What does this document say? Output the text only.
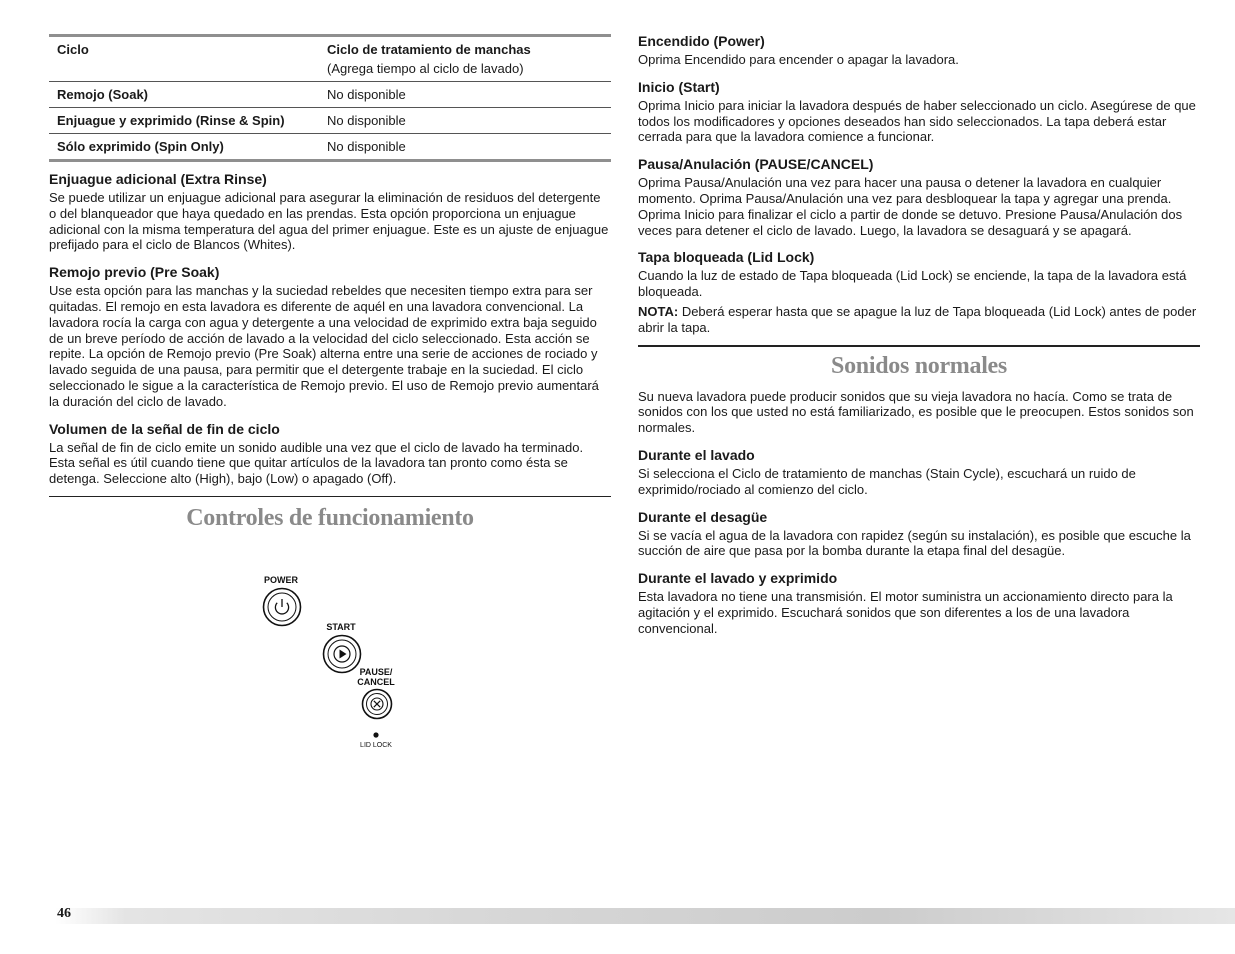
Ciclo	Ciclo de tratamiento de manchas
(Agrega tiempo al ciclo de lavado)

Remojo (Soak)	No disponible
Enjuague y exprimido (Rinse & Spin)	No disponible
Sólo exprimido (Spin Only)	No disponible
Enjuague adicional (Extra Rinse)

Se puede utilizar un enjuague adicional para asegurar la eliminación de residuos del detergente o del blanqueador que haya quedado en las prendas. Esta opción proporciona un enjuague adicional con la misma temperatura del agua del primer enjuague. Este es un ajuste de enjuague prefijado para el ciclo de Blancos (Whites).

Remojo previo (Pre Soak)

Use esta opción para las manchas y la suciedad rebeldes que necesiten tiempo extra para ser quitadas. El remojo en esta lavadora es diferente de aquél en una lavadora convencional. La lavadora rocía la carga con agua y detergente a una velocidad de exprimido extra baja seguido de un breve período de acción de lavado a la velocidad del ciclo seleccionado. Esta acción se repite. La opción de Remojo previo (Pre Soak) alterna entre una serie de acciones de rociado y lavado seguida de una pausa, para permitir que el detergente trabaje en la suciedad. El ciclo seleccionado le sigue a la característica de Remojo previo. El uso de Remojo previo aumentará la duración del ciclo de lavado.

Volumen de la señal de fin de ciclo

La señal de fin de ciclo emite un sonido audible una vez que el ciclo de lavado ha terminado. Esta señal es útil cuando tiene que quitar artículos de la lavadora tan pronto como ésta se detenga. Seleccione alto (High), bajo (Low) o apagado (Off).

Controles de funcionamiento
POWER
START
PAUSE/
CANCEL
LID LOCK
Encendido (Power)

Oprima Encendido para encender o apagar la lavadora.

Inicio (Start)

Oprima Inicio para iniciar la lavadora después de haber seleccionado un ciclo. Asegúrese de que todos los modificadores y opciones deseados han sido seleccionados. La tapa deberá estar cerrada para que la lavadora comience a funcionar.

Pausa/Anulación (PAUSE/CANCEL)

Oprima Pausa/Anulación una vez para hacer una pausa o detener la lavadora en cualquier momento. Oprima Pausa/Anulación una vez para desbloquear la tapa y agregar una prenda. Oprima Inicio para finalizar el ciclo a partir de donde se detuvo. Presione Pausa/Anulación dos veces para detener el ciclo de lavado. Luego, la lavadora se desaguará y se apagará.

Tapa bloqueada (Lid Lock)

Cuando la luz de estado de Tapa bloqueada (Lid Lock) se enciende, la tapa de la lavadora está bloqueada.

NOTA: Deberá esperar hasta que se apague la luz de Tapa bloqueada (Lid Lock) antes de poder abrir la tapa.

Sonidos normales

Su nueva lavadora puede producir sonidos que su vieja lavadora no hacía. Como se trata de sonidos con los que usted no está familiarizado, es posible que le preocupen. Estos sonidos son normales.

Durante el lavado

Si selecciona el Ciclo de tratamiento de manchas (Stain Cycle), escuchará un ruido de exprimido/rociado al comienzo del ciclo.

Durante el desagüe

Si se vacía el agua de la lavadora con rapidez (según su instalación), es posible que escuche la succión de aire que pasa por la bomba durante la etapa final del desagüe.

Durante el lavado y exprimido

Esta lavadora no tiene una transmisión. El motor suministra un accionamiento directo para la agitación y el exprimido. Escuchará sonidos que son diferentes a los de una lavadora convencional.

46
